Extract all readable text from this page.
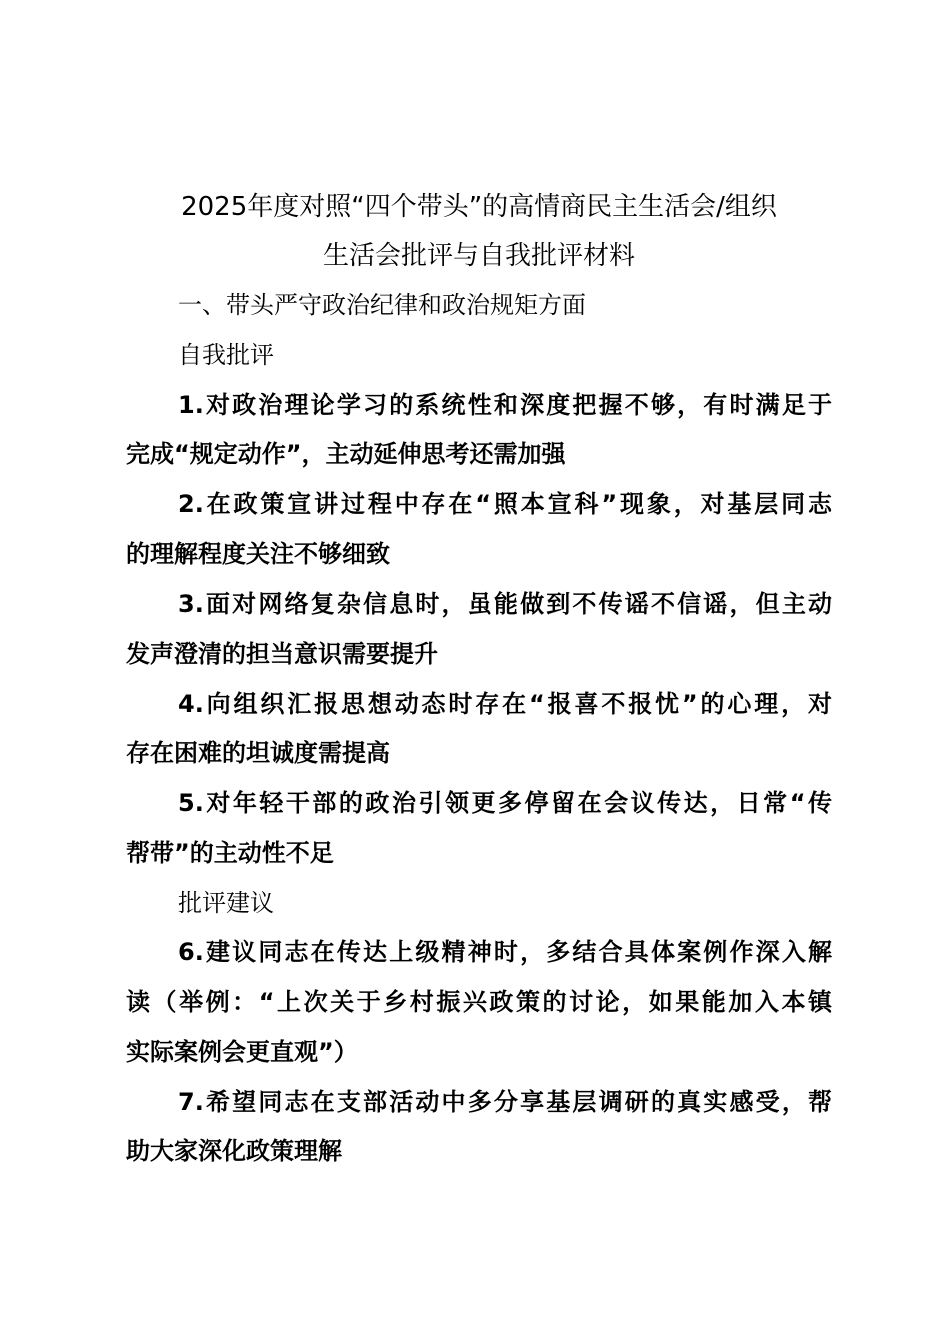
2025年度对照“四个带头”的高情商民主生活会/组织
生活会批评与自我批评材料
一、带头严守政治纪律和政治规矩方面
自我批评
1.对政治理论学习的系统性和深度把握不够，有时满足于
完成“规定动作”，主动延伸思考还需加强
2.在政策宣讲过程中存在“照本宣科”现象，对基层同志
的理解程度关注不够细致
3.面对网络复杂信息时，虽能做到不传谣不信谣，但主动
发声澄清的担当意识需要提升
4.向组织汇报思想动态时存在“报喜不报忧”的心理，对
存在困难的坦诚度需提高
5.对年轻干部的政治引领更多停留在会议传达，日常“传
帮带”的主动性不足
批评建议
6.建议同志在传达上级精神时，多结合具体案例作深入解
读（举例：“上次关于乡村振兴政策的讨论，如果能加入本镇
实际案例会更直观”）
7.希望同志在支部活动中多分享基层调研的真实感受，帮
助大家深化政策理解
